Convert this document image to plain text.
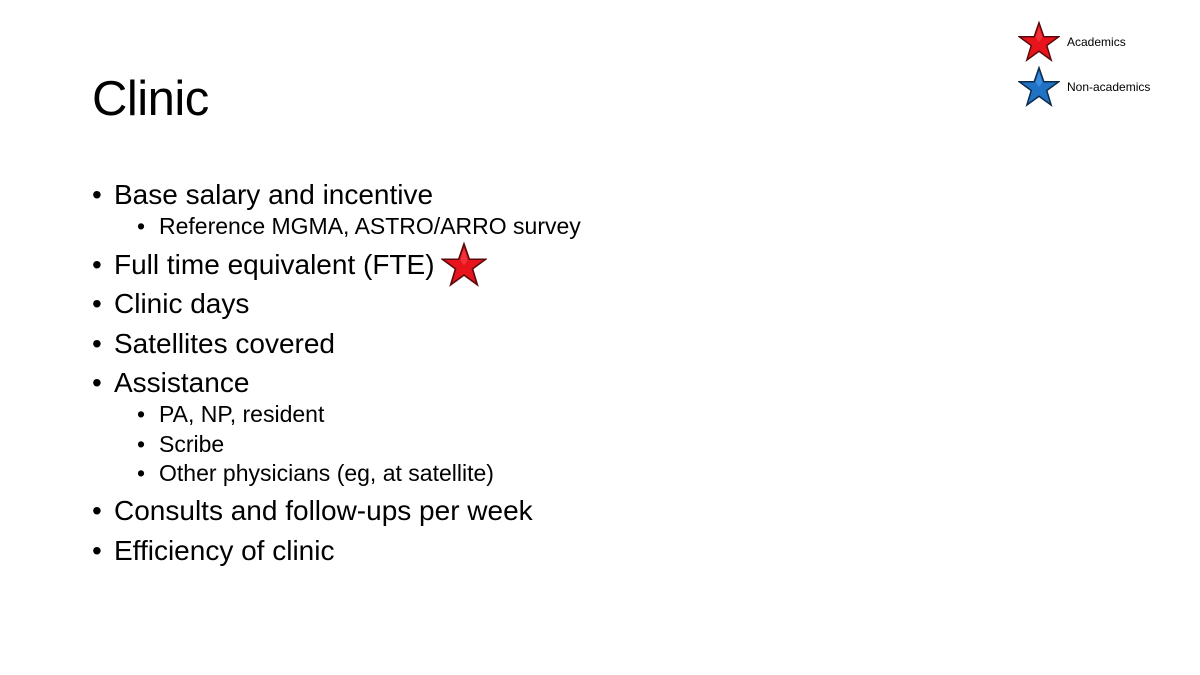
Clinic
Academics
Non-academics
• Base salary and incentive
• Reference MGMA, ASTRO/ARRO survey
• Full time equivalent (FTE)
• Clinic days
• Satellites covered
• Assistance
• PA, NP, resident
• Scribe
• Other physicians (eg, at satellite)
• Consults and follow-ups per week
• Efficiency of clinic
